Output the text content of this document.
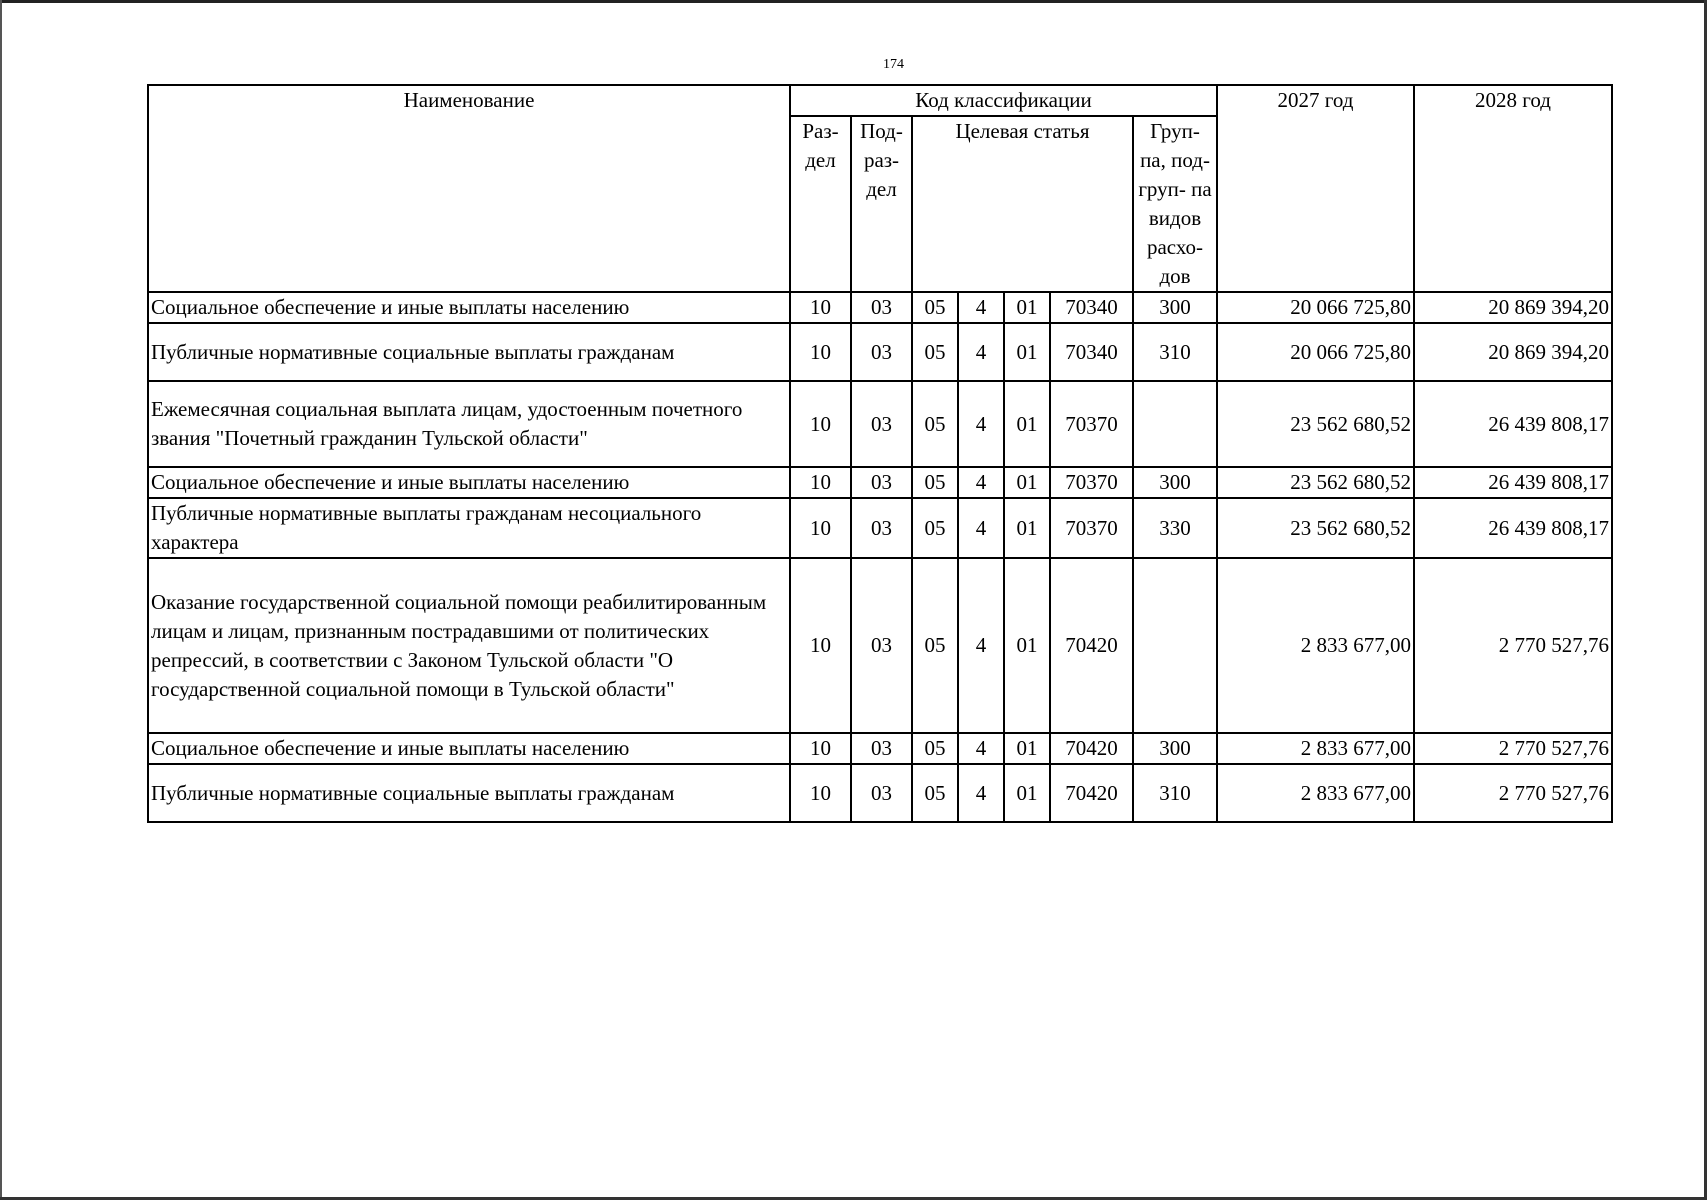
174
Наименование	Код классификации							2027 год	2028 год
	Раз- дел	Под- раз- дел	Целевая статья				Груп- па, под- груп- па видов расхо- дов		
Социальное обеспечение и иные выплаты населению	10	03	05	4	01	70340	300	20 066 725,80	20 869 394,20
Публичные нормативные социальные выплаты гражданам	10	03	05	4	01	70340	310	20 066 725,80	20 869 394,20
Ежемесячная социальная выплата лицам, удостоенным почетного звания "Почетный гражданин Тульской области"	10	03	05	4	01	70370		23 562 680,52	26 439 808,17
Социальное обеспечение и иные выплаты населению	10	03	05	4	01	70370	300	23 562 680,52	26 439 808,17
Публичные нормативные выплаты гражданам несоциального характера	10	03	05	4	01	70370	330	23 562 680,52	26 439 808,17
Оказание государственной социальной помощи реабилитированным лицам и лицам, признанным пострадавшими от политических репрессий, в соответствии с Законом Тульской области "О государственной социальной помощи в Тульской области"	10	03	05	4	01	70420		2 833 677,00	2 770 527,76
Социальное обеспечение и иные выплаты населению	10	03	05	4	01	70420	300	2 833 677,00	2 770 527,76
Публичные нормативные социальные выплаты гражданам	10	03	05	4	01	70420	310	2 833 677,00	2 770 527,76
